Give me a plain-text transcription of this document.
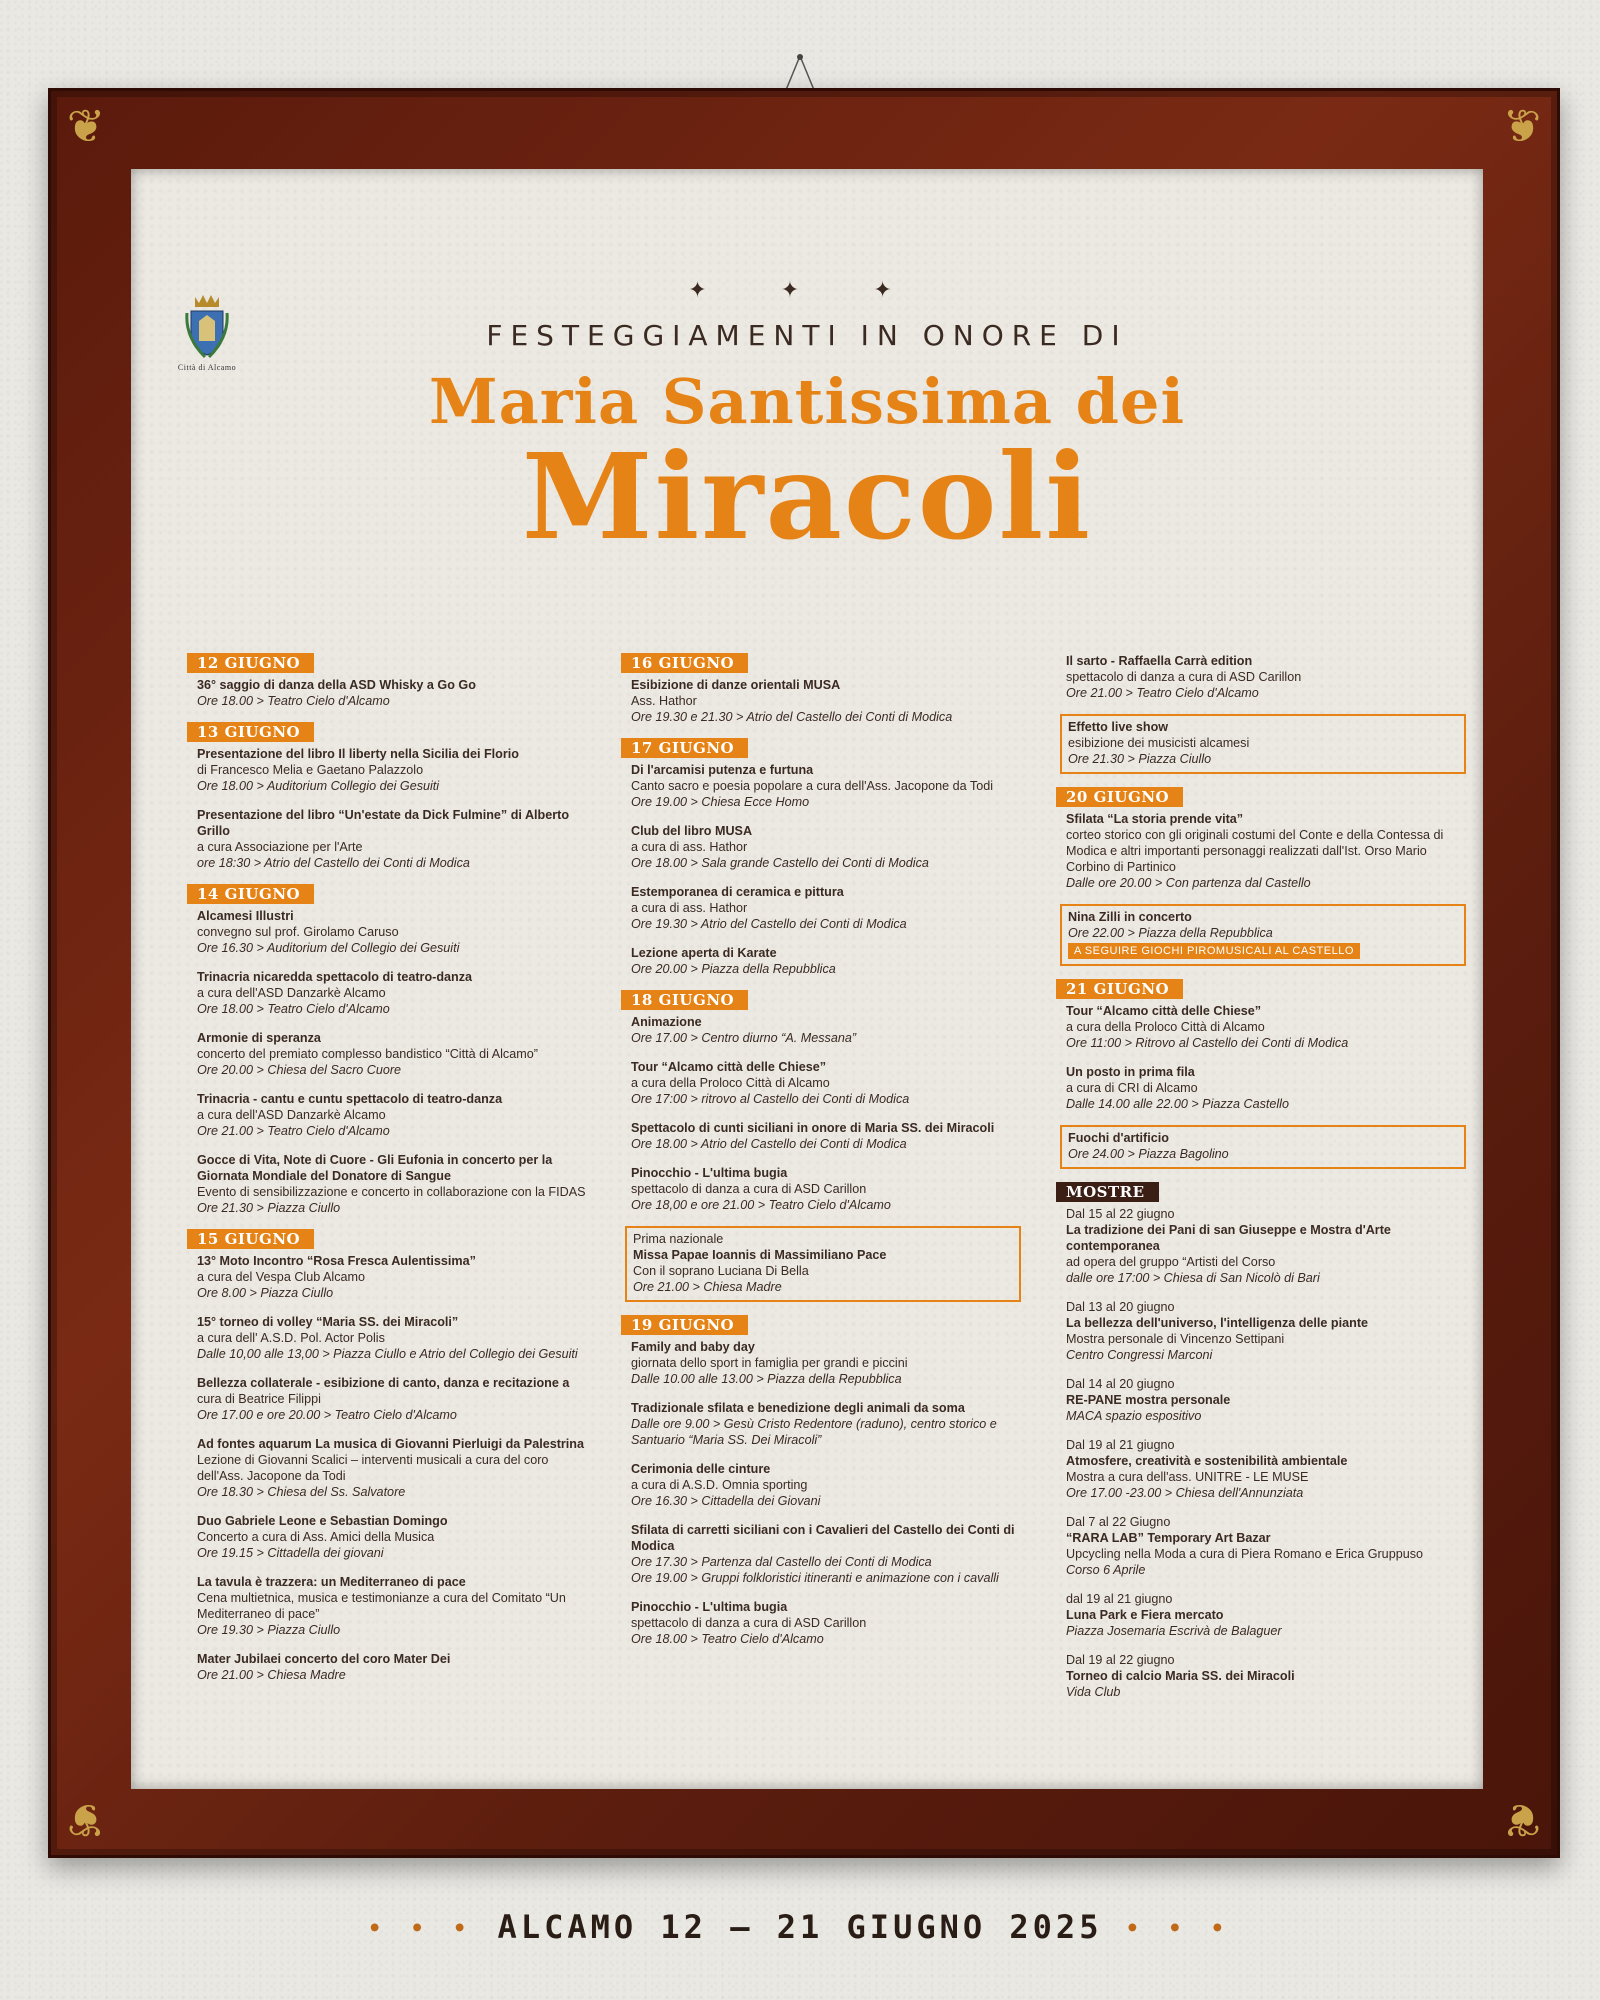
❦	❦
❦	❦
Città di Alcamo
✦ ✦ ✦
FESTEGGIAMENTI IN ONORE DI
Maria Santissima dei
Miracoli
12 GIUGNO
36° saggio di danza della ASD Whisky a Go Go
Ore 18.00 > Teatro Cielo d'Alcamo
13 GIUGNO
Presentazione del libro Il liberty nella Sicilia dei Florio
di Francesco Melia e Gaetano Palazzolo
Ore 18.00 > Auditorium Collegio dei Gesuiti
Presentazione del libro “Un'estate da Dick Fulmine” di Alberto Grillo
a cura Associazione per l'Arte
ore 18:30 > Atrio del Castello dei Conti di Modica
14 GIUGNO
Alcamesi Illustri
convegno sul prof. Girolamo Caruso
Ore 16.30 > Auditorium del Collegio dei Gesuiti
Trinacria nicaredda spettacolo di teatro-danza
a cura dell'ASD Danzarkè Alcamo
Ore 18.00 > Teatro Cielo d'Alcamo
Armonie di speranza
concerto del premiato complesso bandistico “Città di Alcamo”
Ore 20.00 > Chiesa del Sacro Cuore
Trinacria - cantu e cuntu spettacolo di teatro-danza
a cura dell'ASD Danzarkè Alcamo
Ore 21.00 > Teatro Cielo d'Alcamo
Gocce di Vita, Note di Cuore - Gli Eufonia in concerto per la Giornata Mondiale del Donatore di Sangue
Evento di sensibilizzazione e concerto in collaborazione con la FIDAS
Ore 21.30 > Piazza Ciullo
15 GIUGNO
13° Moto Incontro “Rosa Fresca Aulentissima”
a cura del Vespa Club Alcamo
Ore 8.00 > Piazza Ciullo
15° torneo di volley “Maria SS. dei Miracoli”
a cura dell' A.S.D. Pol. Actor Polis
Dalle 10,00 alle 13,00 > Piazza Ciullo e Atrio del Collegio dei Gesuiti
Bellezza collaterale - esibizione di canto, danza e recitazione a
cura di Beatrice Filippi
Ore 17.00 e ore 20.00 > Teatro Cielo d'Alcamo
Ad fontes aquarum La musica di Giovanni Pierluigi da Palestrina
Lezione di Giovanni Scalici – interventi musicali a cura del coro dell'Ass. Jacopone da Todi
Ore 18.30 > Chiesa del Ss. Salvatore
Duo Gabriele Leone e Sebastian Domingo
Concerto a cura di Ass. Amici della Musica
Ore 19.15 > Cittadella dei giovani
La tavula è trazzera: un Mediterraneo di pace
Cena multietnica, musica e testimonianze a cura del Comitato “Un Mediterraneo di pace”
Ore 19.30 > Piazza Ciullo
Mater Jubilaei concerto del coro Mater Dei
Ore 21.00 > Chiesa Madre
16 GIUGNO
Esibizione di danze orientali MUSA
Ass. Hathor
Ore 19.30 e 21.30 > Atrio del Castello dei Conti di Modica
17 GIUGNO
Di l'arcamisi putenza e furtuna
Canto sacro e poesia popolare a cura dell'Ass. Jacopone da Todi
Ore 19.00 > Chiesa Ecce Homo
Club del libro MUSA
a cura di ass. Hathor
Ore 18.00 > Sala grande Castello dei Conti di Modica
Estemporanea di ceramica e pittura
a cura di ass. Hathor
Ore 19.30 > Atrio del Castello dei Conti di Modica
Lezione aperta di Karate
Ore 20.00 > Piazza della Repubblica
18 GIUGNO
Animazione
Ore 17.00 > Centro diurno “A. Messana”
Tour “Alcamo città delle Chiese”
a cura della Proloco Città di Alcamo
Ore 17:00 > ritrovo al Castello dei Conti di Modica
Spettacolo di cunti siciliani in onore di Maria SS. dei Miracoli
Ore 18.00 > Atrio del Castello dei Conti di Modica
Pinocchio - L'ultima bugia
spettacolo di danza a cura di ASD Carillon
Ore 18,00 e ore 21.00 > Teatro Cielo d'Alcamo
Prima nazionale
Missa Papae Ioannis di Massimiliano Pace
Con il soprano Luciana Di Bella
Ore 21.00 > Chiesa Madre
19 GIUGNO
Family and baby day
giornata dello sport in famiglia per grandi e piccini
Dalle 10.00 alle 13.00 > Piazza della Repubblica
Tradizionale sfilata e benedizione degli animali da soma
Dalle ore 9.00 > Gesù Cristo Redentore (raduno), centro storico e Santuario “Maria SS. Dei Miracoli”
Cerimonia delle cinture
a cura di A.S.D. Omnia sporting
Ore 16.30 > Cittadella dei Giovani
Sfilata di carretti siciliani con i Cavalieri del Castello dei Conti di Modica
Ore 17.30 > Partenza dal Castello dei Conti di Modica
Ore 19.00 > Gruppi folkloristici itineranti e animazione con i cavalli
Pinocchio - L'ultima bugia
spettacolo di danza a cura di ASD Carillon
Ore 18.00 > Teatro Cielo d'Alcamo
Il sarto - Raffaella Carrà edition
spettacolo di danza a cura di ASD Carillon
Ore 21.00 > Teatro Cielo d'Alcamo
Effetto live show
esibizione dei musicisti alcamesi
Ore 21.30 > Piazza Ciullo
20 GIUGNO
Sfilata “La storia prende vita”
corteo storico con gli originali costumi del Conte e della Contessa di Modica e altri importanti personaggi realizzati dall'Ist. Orso Mario Corbino di Partinico
Dalle ore 20.00 > Con partenza dal Castello
Nina Zilli in concerto
Ore 22.00 > Piazza della Repubblica
A SEGUIRE GIOCHI PIROMUSICALI AL CASTELLO
21 GIUGNO
Tour “Alcamo città delle Chiese”
a cura della Proloco Città di Alcamo
Ore 11:00 > Ritrovo al Castello dei Conti di Modica
Un posto in prima fila
a cura di CRI di Alcamo
Dalle 14.00 alle 22.00 > Piazza Castello
Fuochi d'artificio
Ore 24.00 > Piazza Bagolino
MOSTRE
Dal 15 al 22 giugno
La tradizione dei Pani di san Giuseppe e Mostra d'Arte contemporanea
ad opera del gruppo “Artisti del Corso
dalle ore 17:00 > Chiesa di San Nicolò di Bari
Dal 13 al 20 giugno
La bellezza dell'universo, l'intelligenza delle piante
Mostra personale di Vincenzo Settipani
Centro Congressi Marconi
Dal 14 al 20 giugno
RE-PANE mostra personale
MACA spazio espositivo
Dal 19 al 21 giugno
Atmosfere, creatività e sostenibilità ambientale
Mostra a cura dell'ass. UNITRE - LE MUSE
Ore 17.00 -23.00 > Chiesa dell'Annunziata
Dal 7 al 22 Giugno
“RARA LAB” Temporary Art Bazar
Upcycling nella Moda a cura di Piera Romano e Erica Gruppuso
Corso 6 Aprile
dal 19 al 21 giugno
Luna Park e Fiera mercato
Piazza Josemaria Escrivà de Balaguer
Dal 19 al 22 giugno
Torneo di calcio Maria SS. dei Miracoli
Vida Club
• • • ALCAMO 12 — 21 GIUGNO 2025 • • •
